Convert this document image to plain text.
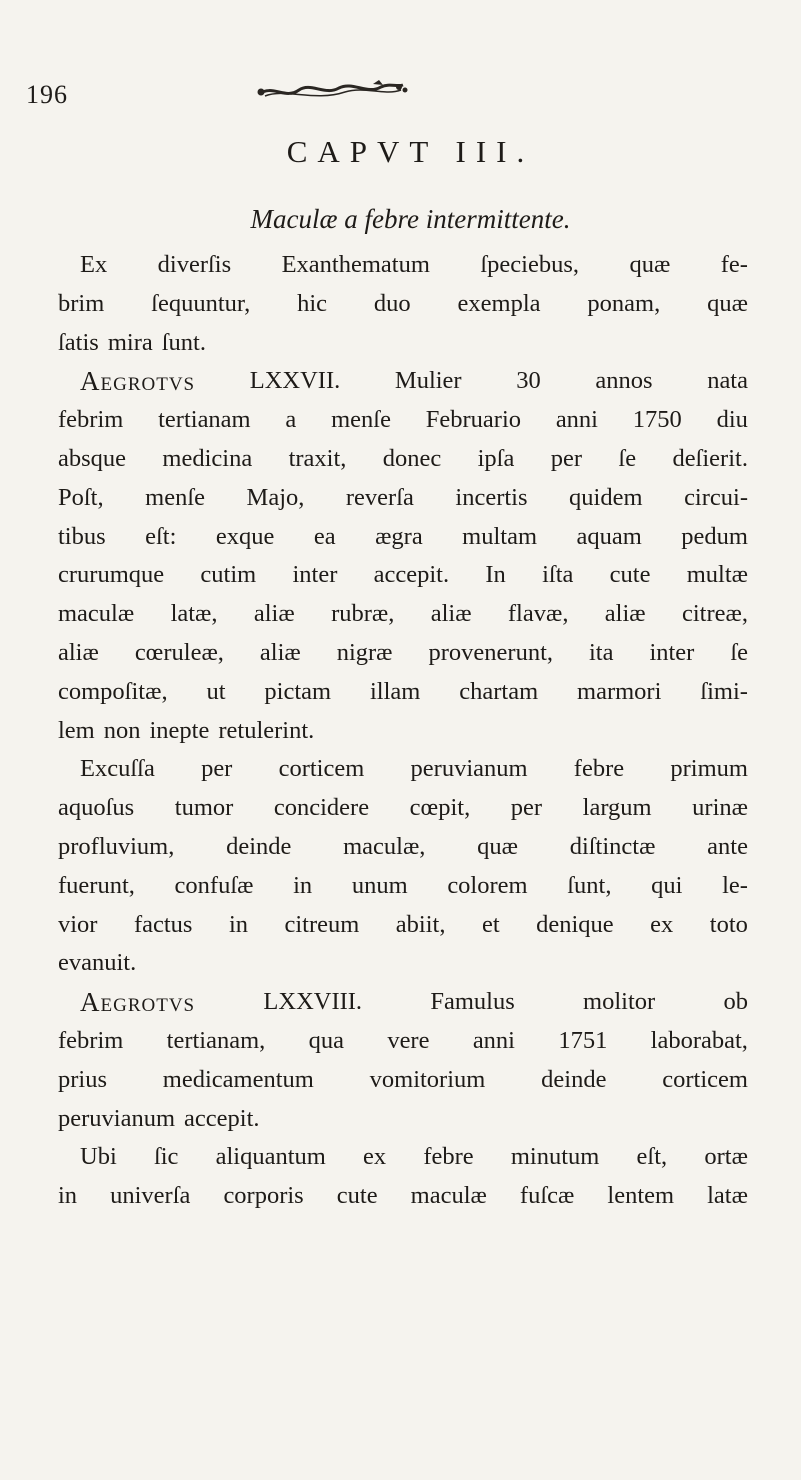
196
CAPVT III.
Maculæ a febre intermittente.
Ex diverſis Exanthematum ſpeciebus, quæ fe-
brim ſequuntur, hic duo exempla ponam, quæ
ſatis mira ſunt.
AEGROTVS LXXVII. Mulier 30 annos nata
febrim tertianam a menſe Februario anni 1750 diu
absque medicina traxit, donec ipſa per ſe deſierit.
Poſt, menſe Majo, reverſa incertis quidem circui-
tibus eſt: exque ea ægra multam aquam pedum
crurumque cutim inter accepit. In iſta cute multæ
maculæ latæ, aliæ rubræ, aliæ flavæ, aliæ citreæ,
aliæ cœruleæ, aliæ nigræ provenerunt, ita inter ſe
compoſitæ, ut pictam illam chartam marmori ſimi-
lem non inepte retulerint.
Excuſſa per corticem peruvianum febre primum
aquoſus tumor concidere cœpit, per largum urinæ
profluvium, deinde maculæ, quæ diſtinctæ ante
fuerunt, confuſæ in unum colorem ſunt, qui le-
vior factus in citreum abiit, et denique ex toto
evanuit.
AEGROTVS	LXXVIII.	Famulus	molitor	ob
febrim tertianam, qua vere anni 1751 laborabat,
prius medicamentum vomitorium deinde corticem
peruvianum accepit.
Ubi ſic aliquantum ex febre minutum eſt, ortæ
in univerſa corporis cute maculæ fuſcæ lentem latæ
